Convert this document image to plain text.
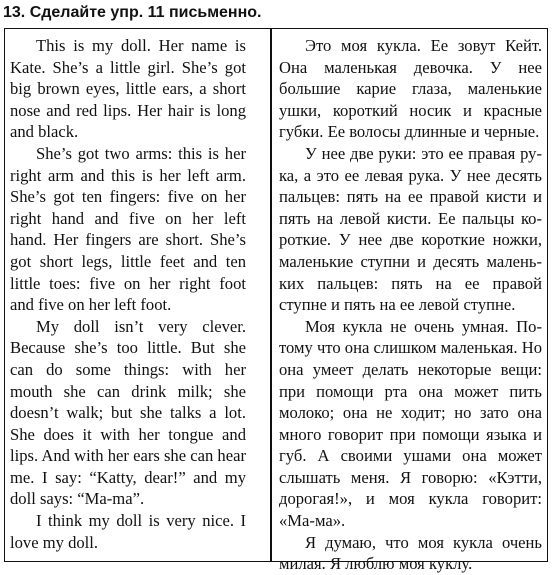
13. Сделайте упр. 11 письменно.

This is my doll. Her name is Kate. She’s a little girl. She’s got big brown eyes, little ears, a short nose and red lips. Her hair is long and black.

She’s got two arms: this is her right arm and this is her left arm. She’s got ten fingers: five on her right hand and five on her left hand. Her fingers are short. She’s got short legs, little feet and ten little toes: five on her right foot and five on her left foot.

My doll isn’t very clever. Because she’s too little. But she can do some things: with her mouth she can drink milk; she doesn’t walk; but she talks a lot. She does it with her tongue and lips. And with her ears she can hear me. I say: “Katty, dear!” and my doll says: “Ma-ma”.

I think my doll is very nice. I love my doll.

Это моя кукла. Ее зовут Кейт. Она маленькая девочка. У нее большие карие глаза, маленькие ушки, короткий носик и красные губки. Ее волосы длинные и черные.

У нее две руки: это ее правая рука, а это ее левая рука. У нее десять пальцев: пять на ее правой кисти и пять на левой кисти. Ее пальцы короткие. У нее две короткие ножки, маленькие ступни и десять маленьких пальцев: пять на ее правой ступне и пять на ее левой ступне.

Моя кукла не очень умная. Потому что она слишком маленькая. Но она умеет делать некоторые вещи: при помощи рта она может пить молоко; она не ходит; но зато она много говорит при помощи языка и губ. А своими ушами она может слышать меня. Я говорю: «Кэтти, дорогая!», и моя кукла говорит: «Ма-ма».

Я думаю, что моя кукла очень милая. Я люблю моя куклу.
